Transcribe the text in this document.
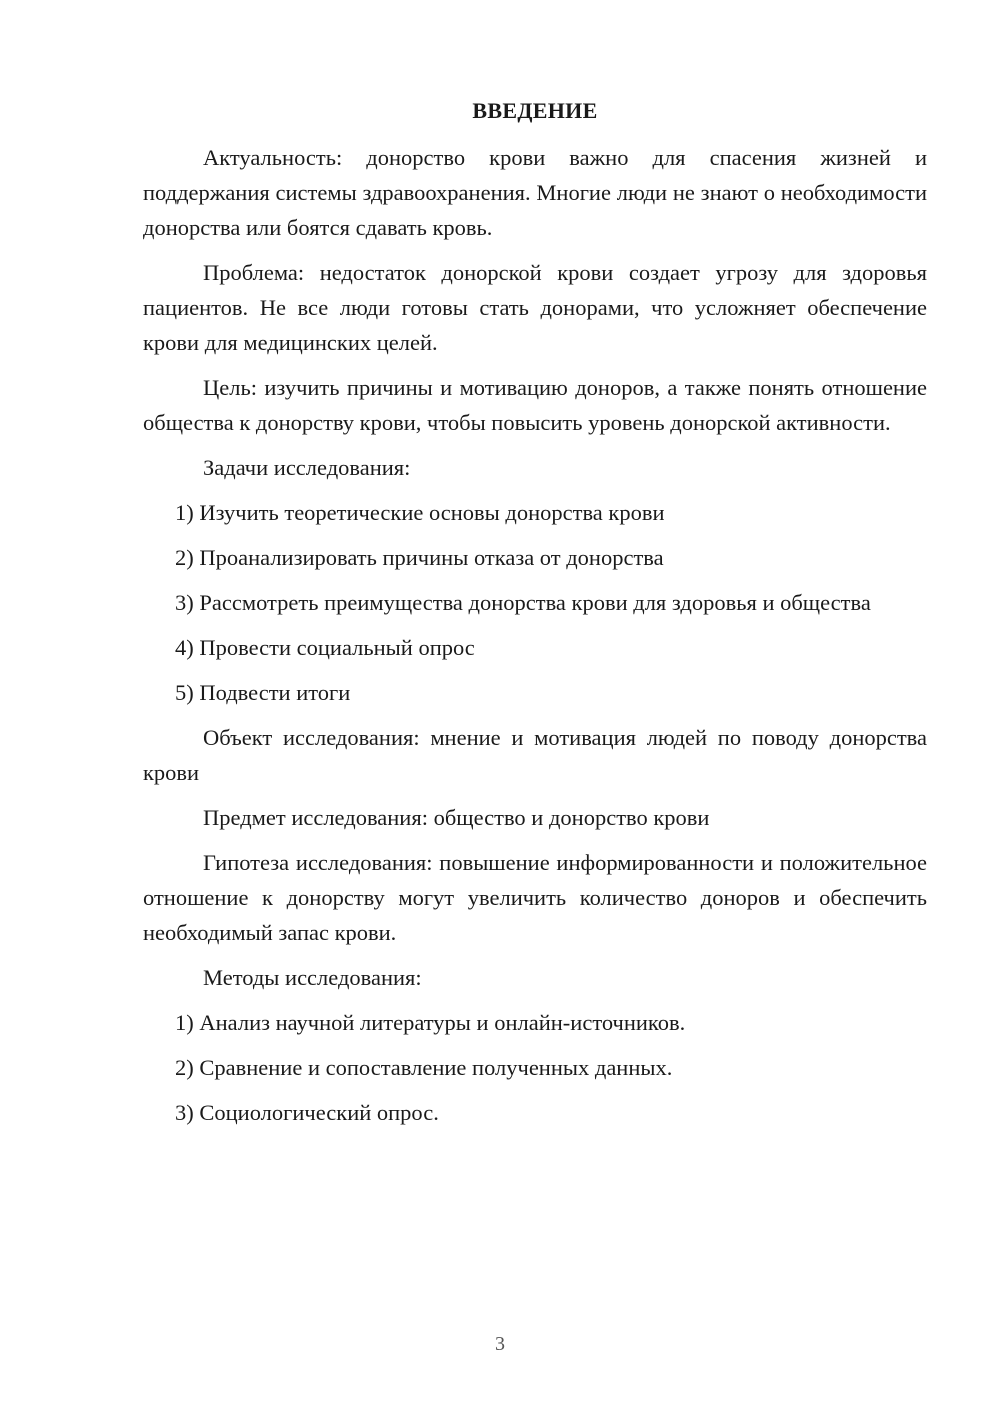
ВВЕДЕНИЕ

Актуальность: донорство крови важно для спасения жизней и поддержания системы здравоохранения. Многие люди не знают о необходимости донорства или боятся сдавать кровь.

Проблема: недостаток донорской крови создает угрозу для здоровья пациентов. Не все люди готовы стать донорами, что усложняет обеспечение крови для медицинских целей.

Цель: изучить причины и мотивацию доноров, а также понять отношение общества к донорству крови, чтобы повысить уровень донорской активности.

Задачи исследования:

1) Изучить теоретические основы донорства крови

2) Проанализировать причины отказа от донорства

3) Рассмотреть преимущества донорства крови для здоровья и общества

4) Провести социальный опрос

5) Подвести итоги

Объект исследования: мнение и мотивация людей по поводу донорства крови

Предмет исследования: общество и донорство крови

Гипотеза исследования: повышение информированности и положительное отношение к донорству могут увеличить количество доноров и обеспечить необходимый запас крови.

Методы исследования:

1) Анализ научной литературы и онлайн-источников.

2) Сравнение и сопоставление полученных данных.

3) Социологический опрос.

3
